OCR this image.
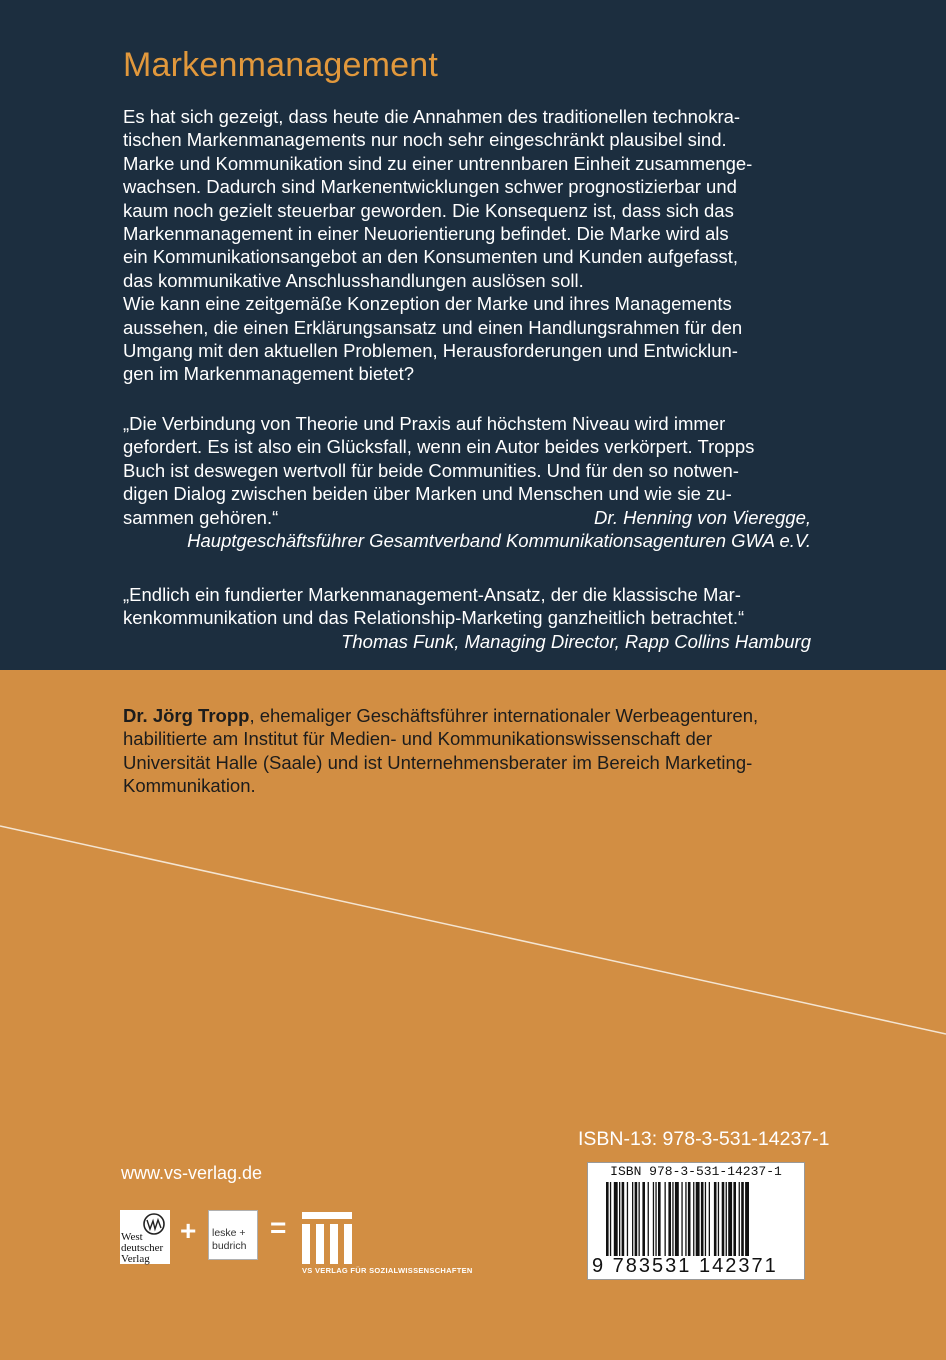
Markenmanagement
Es hat sich gezeigt, dass heute die Annahmen des traditionellen technokra-
tischen Markenmanagements nur noch sehr eingeschränkt plausibel sind.
Marke und Kommunikation sind zu einer untrennbaren Einheit zusammenge-
wachsen. Dadurch sind Markenentwicklungen schwer prognostizierbar und
kaum noch gezielt steuerbar geworden. Die Konsequenz ist, dass sich das
Markenmanagement in einer Neuorientierung befindet. Die Marke wird als
ein Kommunikationsangebot an den Konsumenten und Kunden aufgefasst,
das kommunikative Anschlusshandlungen auslösen soll.
Wie kann eine zeitgemäße Konzeption der Marke und ihres Managements
aussehen, die einen Erklärungsansatz und einen Handlungsrahmen für den
Umgang mit den aktuellen Problemen, Herausforderungen und Entwicklun-
gen im Markenmanagement bietet?
„Die Verbindung von Theorie und Praxis auf höchstem Niveau wird immer
gefordert. Es ist also ein Glücksfall, wenn ein Autor beides verkörpert. Tropps
Buch ist deswegen wertvoll für beide Communities. Und für den so notwen-
digen Dialog zwischen beiden über Marken und Menschen und wie sie zu-
sammen gehören.“	Dr. Henning von Vieregge,
Hauptgeschäftsführer Gesamtverband Kommunikationsagenturen GWA e.V.
„Endlich ein fundierter Markenmanagement-Ansatz, der die klassische Mar-
kenkommunikation und das Relationship-Marketing ganzheitlich betrachtet.“
Thomas Funk, Managing Director, Rapp Collins Hamburg
Dr. Jörg Tropp, ehemaliger Geschäftsführer internationaler Werbeagenturen,
habilitierte am Institut für Medien- und Kommunikationswissenschaft der
Universität Halle (Saale) und ist Unternehmensberater im Bereich Marketing-
Kommunikation.
ISBN-13: 978-3-531-14237-1
ISBN 978-3-531-14237-1
9 783531 142371
www.vs-verlag.de
West
deutscher
Verlag
+ leske +
budrich
=
VS VERLAG FÜR SOZIALWISSENSCHAFTEN
